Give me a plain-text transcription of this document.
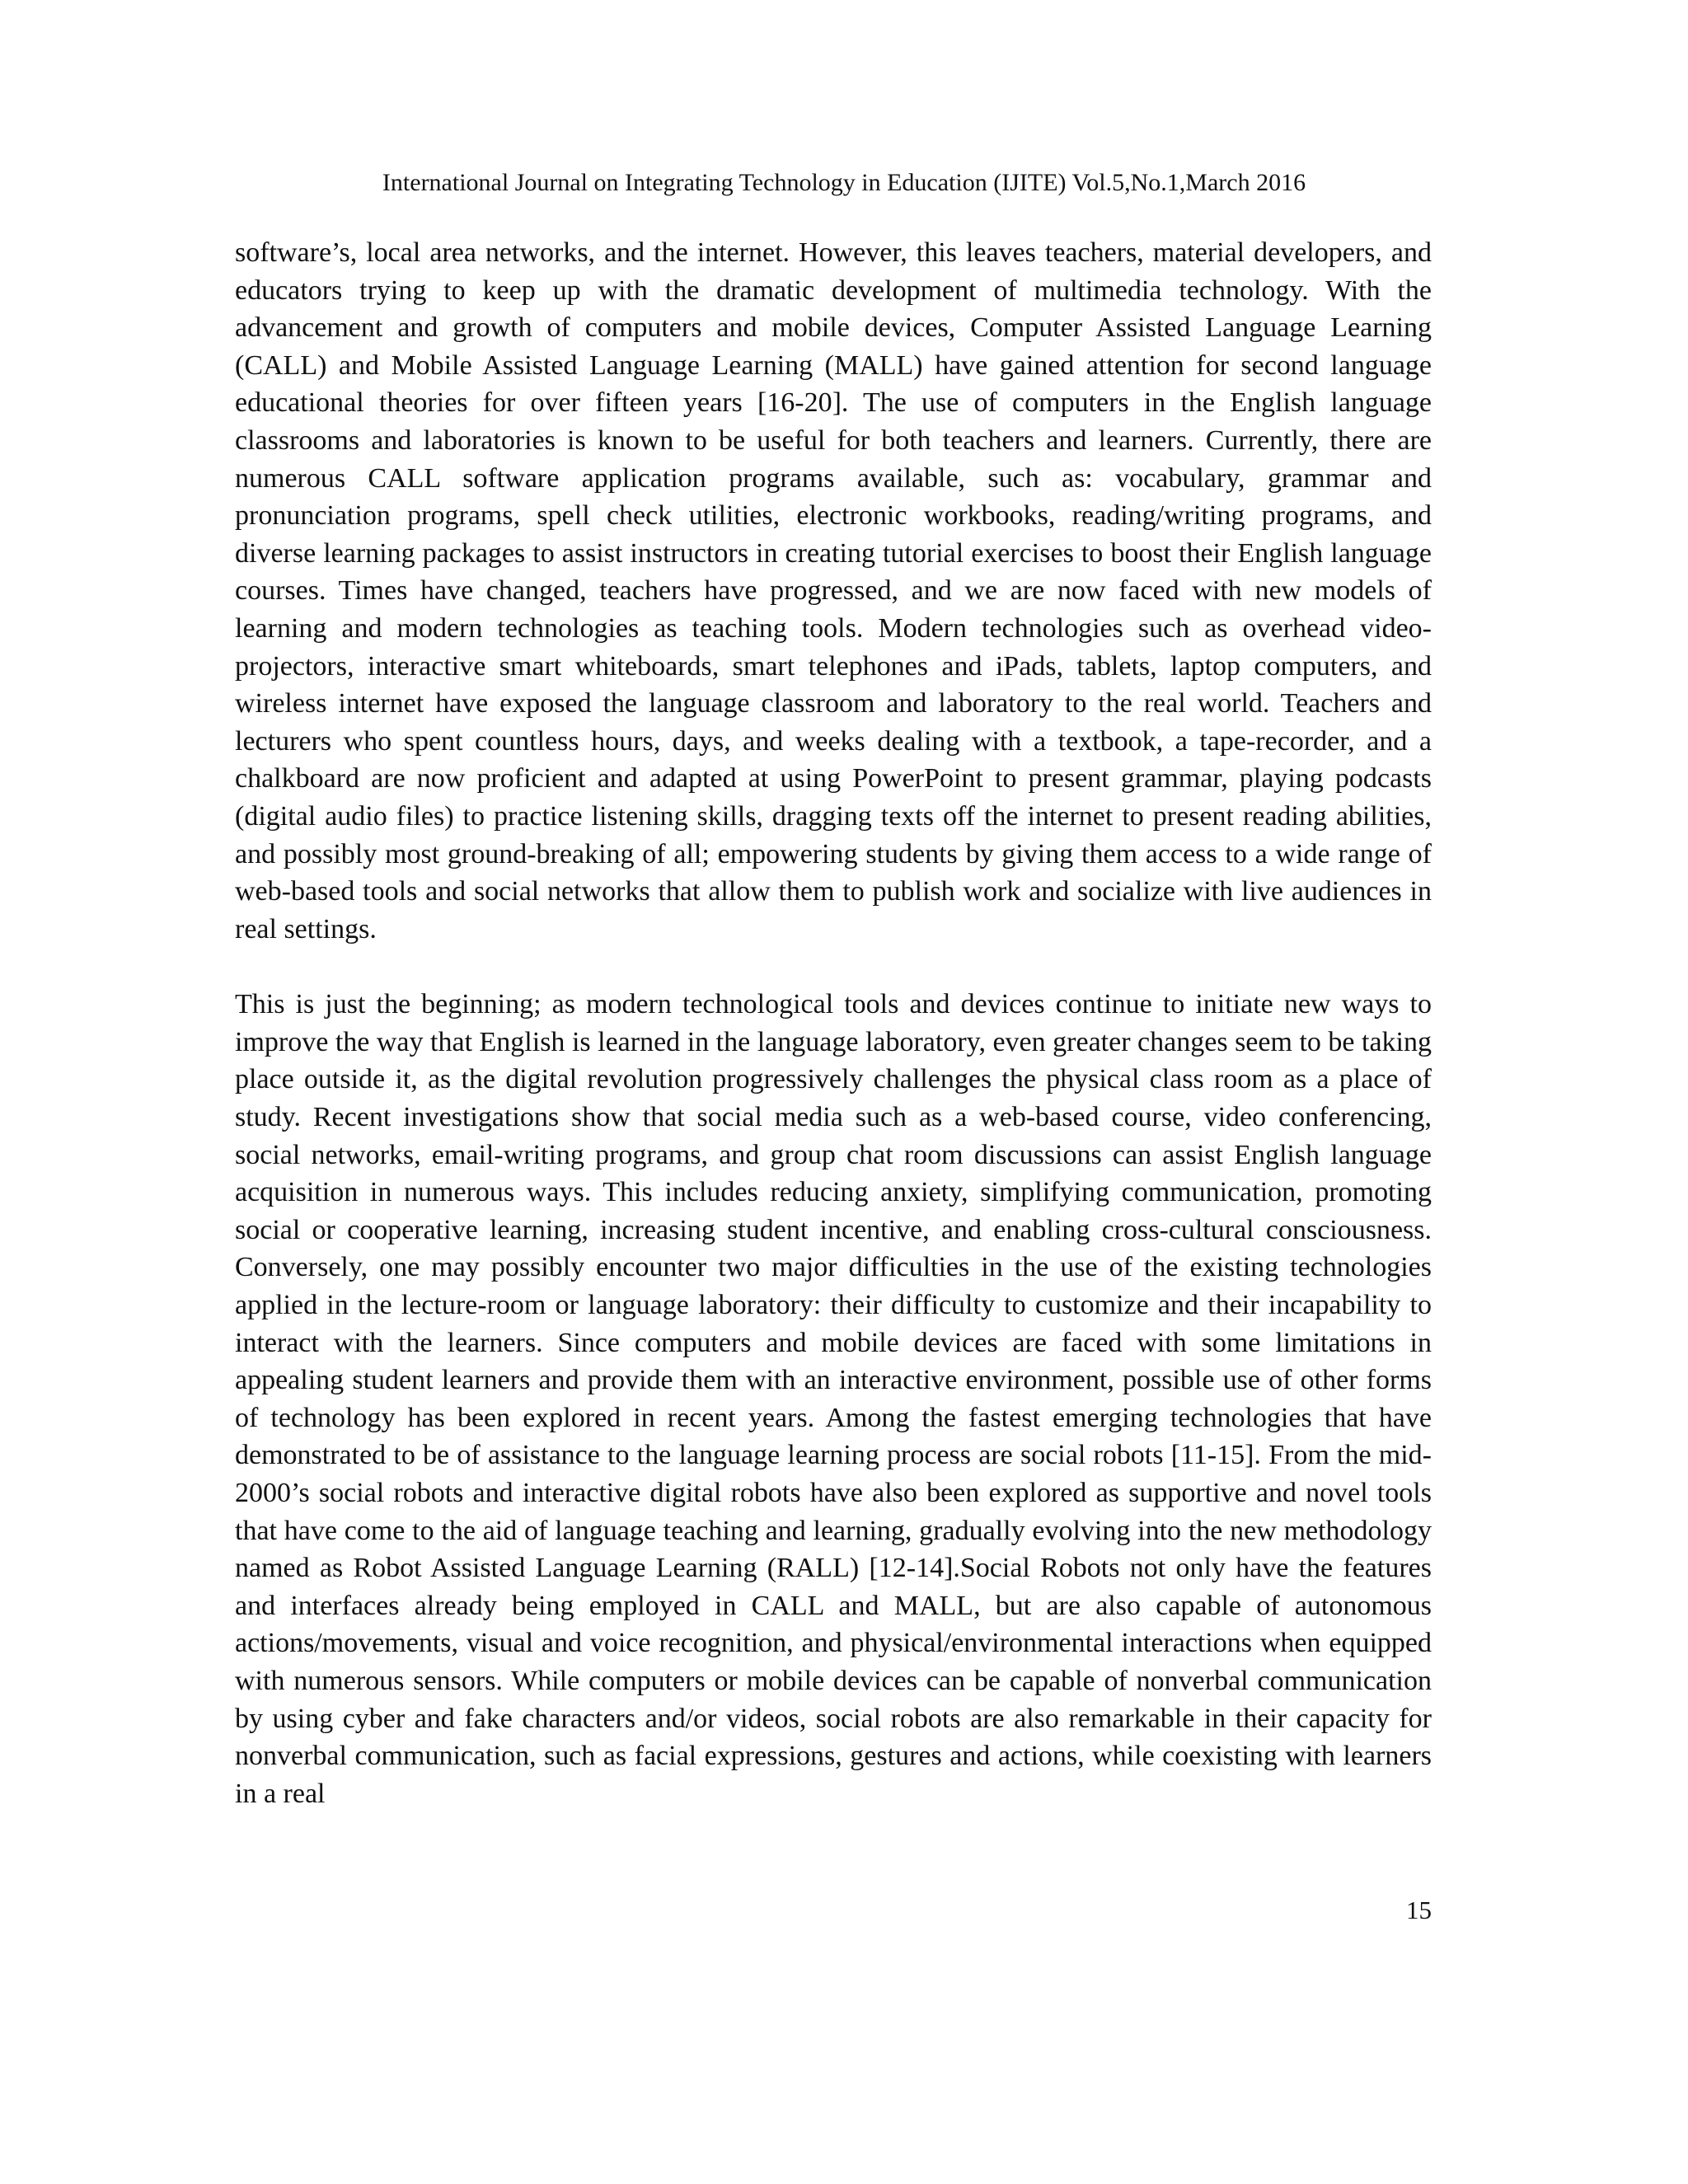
International Journal on Integrating Technology in Education (IJITE) Vol.5,No.1,March 2016

software’s, local area networks, and the internet. However, this leaves teachers, material developers, and educators trying to keep up with the dramatic development of multimedia technology. With the advancement and growth of computers and mobile devices, Computer Assisted Language Learning (CALL) and Mobile Assisted Language Learning (MALL) have gained attention for second language educational theories for over fifteen years [16-20]. The use of computers in the English language classrooms and laboratories is known to be useful for both teachers and learners. Currently, there are numerous CALL software application programs available, such as: vocabulary, grammar and pronunciation programs, spell check utilities, electronic workbooks, reading/writing programs, and diverse learning packages to assist instructors in creating tutorial exercises to boost their English language courses. Times have changed, teachers have progressed, and we are now faced with new models of learning and modern technologies as teaching tools. Modern technologies such as overhead video-projectors, interactive smart whiteboards, smart telephones and iPads, tablets, laptop computers, and wireless internet have exposed the language classroom and laboratory to the real world. Teachers and lecturers who spent countless hours, days, and weeks dealing with a textbook, a tape-recorder, and a chalkboard are now proficient and adapted at using PowerPoint to present grammar, playing podcasts (digital audio files) to practice listening skills, dragging texts off the internet to present reading abilities, and possibly most ground-breaking of all; empowering students by giving them access to a wide range of web-based tools and social networks that allow them to publish work and socialize with live audiences in real settings.

This is just the beginning; as modern technological tools and devices continue to initiate new ways to improve the way that English is learned in the language laboratory, even greater changes seem to be taking place outside it, as the digital revolution progressively challenges the physical class room as a place of study. Recent investigations show that social media such as a web-based course, video conferencing, social networks, email-writing programs, and group chat room discussions can assist English language acquisition in numerous ways. This includes reducing anxiety, simplifying communication, promoting social or cooperative learning, increasing student incentive, and enabling cross-cultural consciousness. Conversely, one may possibly encounter two major difficulties in the use of the existing technologies applied in the lecture-room or language laboratory: their difficulty to customize and their incapability to interact with the learners. Since computers and mobile devices are faced with some limitations in appealing student learners and provide them with an interactive environment, possible use of other forms of technology has been explored in recent years. Among the fastest emerging technologies that have demonstrated to be of assistance to the language learning process are social robots [11-15]. From the mid-2000’s social robots and interactive digital robots have also been explored as supportive and novel tools that have come to the aid of language teaching and learning, gradually evolving into the new methodology named as Robot Assisted Language Learning (RALL) [12-14].Social Robots not only have the features and interfaces already being employed in CALL and MALL, but are also capable of autonomous actions/movements, visual and voice recognition, and physical/environmental interactions when equipped with numerous sensors. While computers or mobile devices can be capable of nonverbal communication by using cyber and fake characters and/or videos, social robots are also remarkable in their capacity for nonverbal communication, such as facial expressions, gestures and actions, while coexisting with learners in a real

15
